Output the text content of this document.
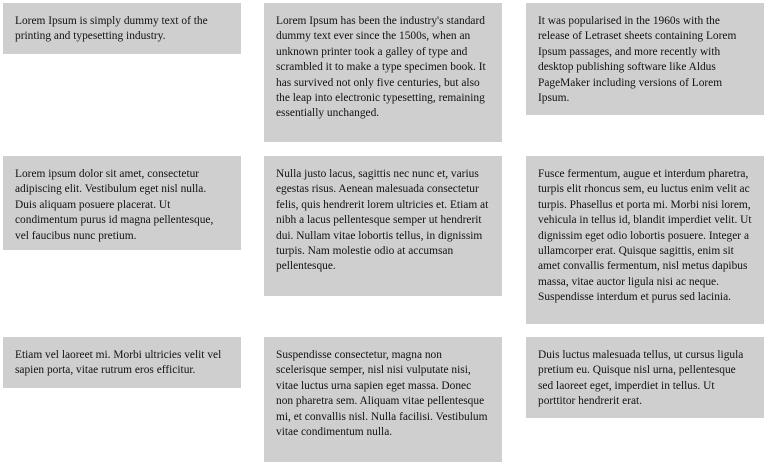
Lorem Ipsum is simply dummy text of the printing and typesetting industry.

Lorem Ipsum has been the industry's standard dummy text ever since the 1500s, when an unknown printer took a galley of type and scrambled it to make a type specimen book. It has survived not only five centuries, but also the leap into electronic typesetting, remaining essentially unchanged.

It was popularised in the 1960s with the release of Letraset sheets containing Lorem Ipsum passages, and more recently with desktop publishing software like Aldus PageMaker including versions of Lorem Ipsum.

Lorem ipsum dolor sit amet, consectetur adipiscing elit. Vestibulum eget nisl nulla. Duis aliquam posuere placerat. Ut condimentum purus id magna pellentesque, vel faucibus nunc pretium.

Nulla justo lacus, sagittis nec nunc et, varius egestas risus. Aenean malesuada consectetur felis, quis hendrerit lorem ultricies et. Etiam at nibh a lacus pellentesque semper ut hendrerit dui. Nullam vitae lobortis tellus, in dignissim turpis. Nam molestie odio at accumsan pellentesque.

Fusce fermentum, augue et interdum pharetra, turpis elit rhoncus sem, eu luctus enim velit ac turpis. Phasellus et porta mi. Morbi nisi lorem, vehicula in tellus id, blandit imperdiet velit. Ut dignissim eget odio lobortis posuere. Integer a ullamcorper erat. Quisque sagittis, enim sit amet convallis fermentum, nisl metus dapibus massa, vitae auctor ligula nisi ac neque. Suspendisse interdum et purus sed lacinia.

Etiam vel laoreet mi. Morbi ultricies velit vel sapien porta, vitae rutrum eros efficitur.

Suspendisse consectetur, magna non scelerisque semper, nisl nisi vulputate nisi, vitae luctus urna sapien eget massa. Donec non pharetra sem. Aliquam vitae pellentesque mi, et convallis nisl. Nulla facilisi. Vestibulum vitae condimentum nulla.

Duis luctus malesuada tellus, ut cursus ligula pretium eu. Quisque nisl urna, pellentesque sed laoreet eget, imperdiet in tellus. Ut porttitor hendrerit erat.
